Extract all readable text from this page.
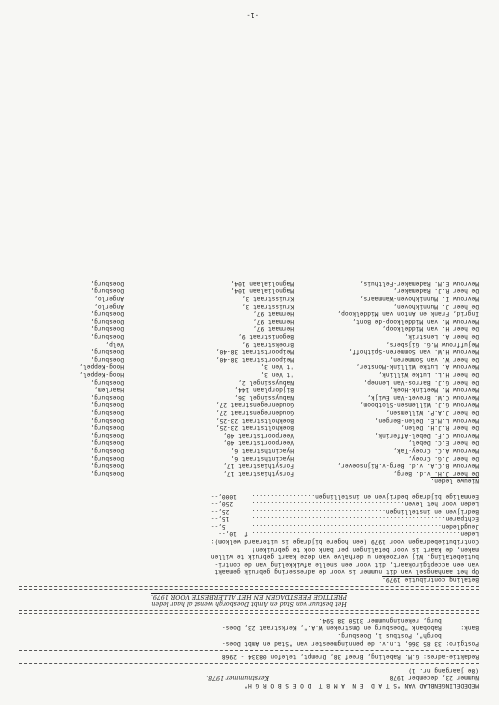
MEDEDELINGENBLAD VAN "S T A D  E N  A M B T  D O E S B O R G H"
Nummer 23, december 1978
Kerstnummer 1978.
(8e jaargang nr. 1)
Redaktie-adres: G.M. Rabeling, Breef 38, Drempt, telefon 08334 - 2968
Postgiro: 33 85 366, t.n.v. de penningmeester van "Stad en Ambt Does-
borgh", Postbus 1, Doesburg.
Bank:     Rabobank "Doesburg en Omstreken W.A.", Kerkstraat 23, Does-
burg, rekeningnummer 3150 38 594.
Het bestuur van Stad en Ambt Doesborgh wenst al haar leden
PRETTIGE FEESTDAGEN EN HET ALLERBESTE VOOR 1979.
Betaling contributie 1979.
Op het aanhangsel van dit nummer is voor de adressering gebruik gemaakt
van een acceptgirokaart, dit voor een snelle afwikkeling van de contri-
butiebetaling. Wij verzoeken u derhalve van deze kaart gebruik te willen
maken, de kaart is voor betalingen per bank ook te gebruiken!
Contributiebedragen voor 1979 (een hogere bijdrage is uiteraard welkom):
Leden........................................................ f  10,--
Jeugdleden...................................................       5,--
Echtparen....................................................      15,--
Bedrijven en instellingen....................................      25,--
Leden voor het leven.........................................     250,--
Eenmalige bijdrage bedrijven en instellingen.................    1000,--
Nieuwe leden.
De heer J.H. v.d. Berg,
Forsythiastraat 17,
Doesburg,
Mevrouw B.C.A. v.d. Berg-v.Rijnsoever,
Forsythiastraat 17,
Doesburg,
De heer J.G. Croey,
Hyacinthstraat 6,
Doesburg,
Mevrouw A.C. Croey-Tak,
Hyacinthstraat 6,
Doesburg,
De heer E.C. Debel,
Veerpoortstraat 40,
Doesburg,
Mevrouw C.F. Debel-Afferink,
Veerpoortstraat 40,
Doesburg,
De heer R.J.H. Delen,
Boekholtstraat 23-25,
Doesburg,
Mevrouw L.M.E. Delen-Bergen,
Boekholtstraat 23-25,
Doesburg,
De heer J.A.P. Willemsen,
Goudenregenstraat 27,
Doesburg,
Mevrouw G.J. Willemsen-Slotboom,
Goudenregenstraat 27,
Doesburg,
Mevrouw C.W. Brevet-Van Ewijk,
Nabuyssingel 36,
Doesburg,
Mevrouw M. Meetink-Hoek,
Bijdorplaan 144,
Haarlem,
De heer G.J. Barros-Van Lennep,
Nabuyssingel 2,
Doesburg,
De heer H.L. Lutke Willink,
't Ven 3,
Hoog-Keppel,
Mevrouw A. Lutke Willink-Monster,
't Ven 3,
Hoog-Keppel,
De heer W. van Sommeren,
Meipoortstraat 38-40,
Doesburg,
Mevrouw H.W. van Sommeren-Spithoff,
Meipoortstraat 38-40,
Doesburg,
Mejuffrouw M.G. Gijsbers,
Broekstraat 9,
Velp,
De heer A. Lenstrik,
Begonistraat 9,
Doesburg,
De heer H. van Middelkoop,
Hermaat 97,
Doesburg,
Mevrouw M. van Middelkoop-de Bont,
Hermaat 97,
Doesburg,
Ingrid, Frank en Anton van Middelkoop,
Hermaat 97,
Doesburg,
De heer J. Munnikhoven,
Kruisstraat 3,
Angerlo,
Mevrouw I. Munnikhoven-Wanmaars,
Kruisstraat 3,
Angerlo,
De heer R.J. Rademaker,
Magnolialaan 104,
Doesburg,
Mevrouw E.M. Rademaker-Felthuis,
Magnolialaan 104,
Doesburg,
-1-
